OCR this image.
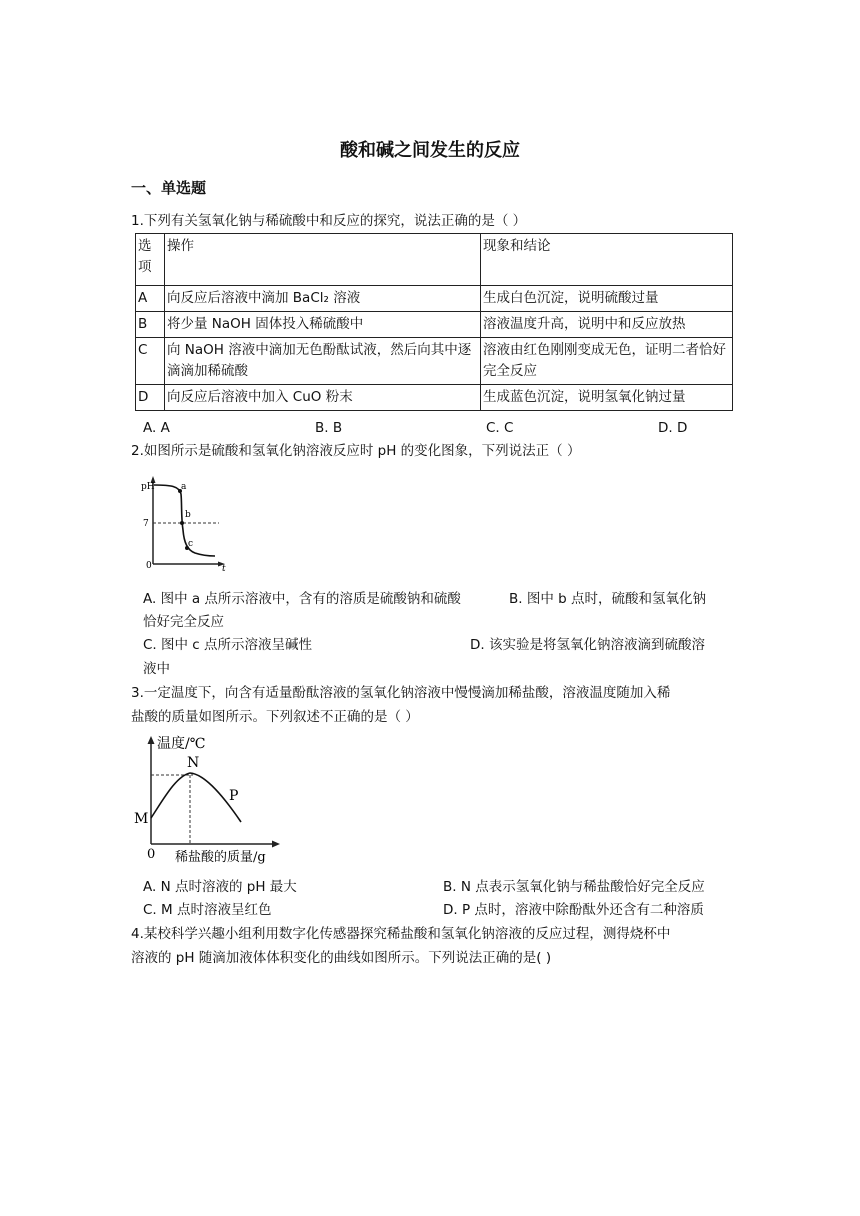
酸和碱之间发生的反应
一、单选题
1.下列有关氢氧化钠与稀硫酸中和反应的探究，说法正确的是（ ）
选项	操作	现象和结论
A	向反应后溶液中滴加 BaCl₂ 溶液	生成白色沉淀，说明硫酸过量
B	将少量 NaOH 固体投入稀硫酸中	溶液温度升高，说明中和反应放热
C	向 NaOH 溶液中滴加无色酚酞试液，然后向其中逐滴滴加稀硫酸	溶液由红色刚刚变成无色，证明二者恰好完全反应
D	向反应后溶液中加入 CuO 粉末	生成蓝色沉淀，说明氢氧化钠过量
A. A	B. B	C. C	D. D
2.如图所示是硫酸和氢氧化钠溶液反应时 pH 的变化图象，下列说法正（ ）
pH
7
0	t
a
b
c
A. 图中 a 点所示溶液中，含有的溶质是硫酸钠和硫酸	B. 图中 b 点时，硫酸和氢氧化钠
恰好完全反应
C. 图中 c 点所示溶液呈碱性	D. 该实验是将氢氧化钠溶液滴到硫酸溶
液中
3.一定温度下，向含有适量酚酞溶液的氢氧化钠溶液中慢慢滴加稀盐酸，溶液温度随加入稀
盐酸的质量如图所示。下列叙述不正确的是（ ）
温度/℃
M
N
P
0 稀盐酸的质量/g
A. N 点时溶液的 pH 最大	B. N 点表示氢氧化钠与稀盐酸恰好完全反应
C. M 点时溶液呈红色	D. P 点时，溶液中除酚酞外还含有二种溶质
4.某校科学兴趣小组利用数字化传感器探究稀盐酸和氢氧化钠溶液的反应过程，测得烧杯中
溶液的 pH 随滴加液体体积变化的曲线如图所示。下列说法正确的是( )
